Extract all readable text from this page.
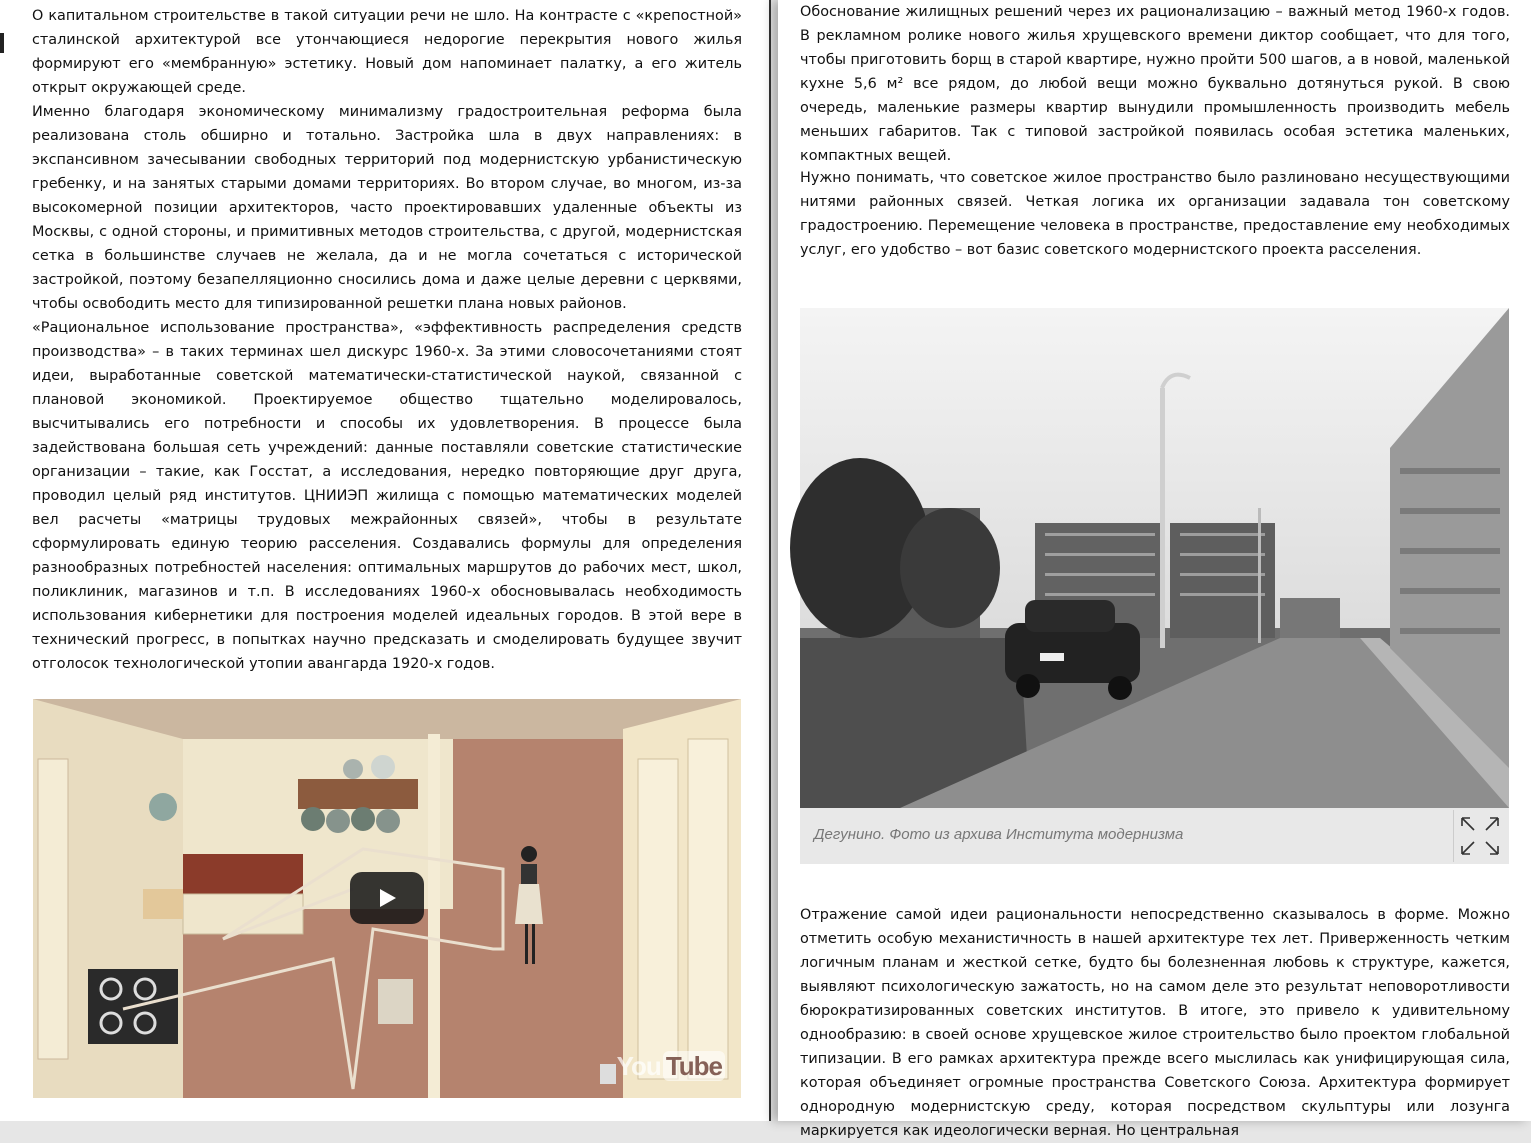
О капитальном строительстве в такой ситуации речи не шло. На контрасте с «крепостной» сталинской архитектурой все утончающиеся недорогие перекрытия нового жилья формируют его «мембранную» эстетику. Новый дом напоминает палатку, а его житель открыт окружающей среде.

Именно благодаря экономическому минимализму градостроительная реформа была реализована столь обширно и тотально. Застройка шла в двух направлениях: в экспансивном зачесывании свободных территорий под модернистскую урбанистическую гребенку, и на занятых старыми домами территориях. Во втором случае, во многом, из-за высокомерной позиции архитекторов, часто проектировавших удаленные объекты из Москвы, с одной стороны, и примитивных методов строительства, с другой, модернистская сетка в большинстве случаев не желала, да и не могла сочетаться с исторической застройкой, поэтому безапелляционно сносились дома и даже целые деревни с церквями, чтобы освободить место для типизированной решетки плана новых районов.

«Рациональное использование пространства», «эффективность распределения средств производства» – в таких терминах шел дискурс 1960-х. За этими словосочетаниями стоят идеи, выработанные советской математически-статистической наукой, связанной с плановой экономикой. Проектируемое общество тщательно моделировалось, высчитывались его потребности и способы их удовлетворения. В процессе была задействована большая сеть учреждений: данные поставляли советские статистические организации – такие, как Госстат, а исследования, нередко повторяющие друг друга, проводил целый ряд институтов. ЦНИИЭП жилища с помощью математических моделей вел расчеты «матрицы трудовых межрайонных связей», чтобы в результате сформулировать единую теорию расселения. Создавались формулы для определения разнообразных потребностей населения: оптимальных маршрутов до рабочих мест, школ, поликлиник, магазинов и т.п. В исследованиях 1960-х обосновывалась необходимость использования кибернетики для построения моделей идеальных городов. В этой вере в технический прогресс, в попытках научно предсказать и смоделировать будущее звучит отголосок технологической утопии авангарда 1920-х годов.

You Tube

Обоснование жилищных решений через их рационализацию – важный метод 1960-х годов. В рекламном ролике нового жилья хрущевского времени диктор сообщает, что для того, чтобы приготовить борщ в старой квартире, нужно пройти 500 шагов, а в новой, маленькой кухне 5,6 м² все рядом, до любой вещи можно буквально дотянуться рукой. В свою очередь, маленькие размеры квартир вынудили промышленность производить мебель меньших габаритов. Так с типовой застройкой появилась особая эстетика маленьких, компактных вещей.

Нужно понимать, что советское жилое пространство было разлиновано несуществующими нитями районных связей. Четкая логика их организации задавала тон советскому градостроению. Перемещение человека в пространстве, предоставление ему необходимых услуг, его удобство – вот базис советского модернистского проекта расселения.

Дегунино. Фото из архива Института модернизма

Отражение самой идеи рациональности непосредственно сказывалось в форме. Можно отметить особую механистичность в нашей архитектуре тех лет. Приверженность четким логичным планам и жесткой сетке, будто бы болезненная любовь к структуре, кажется, выявляют психологическую зажатость, но на самом деле это результат неповоротливости бюрократизированных советских институтов. В итоге, это привело к удивительному однообразию: в своей основе хрущевское жилое строительство было проектом глобальной типизации. В его рамках архитектура прежде всего мыслилась как унифицирующая сила, которая объединяет огромные пространства Советского Союза. Архитектура формирует однородную модернистскую среду, которая посредством скульптуры или лозунга маркируется как идеологически верная. Но центральная
